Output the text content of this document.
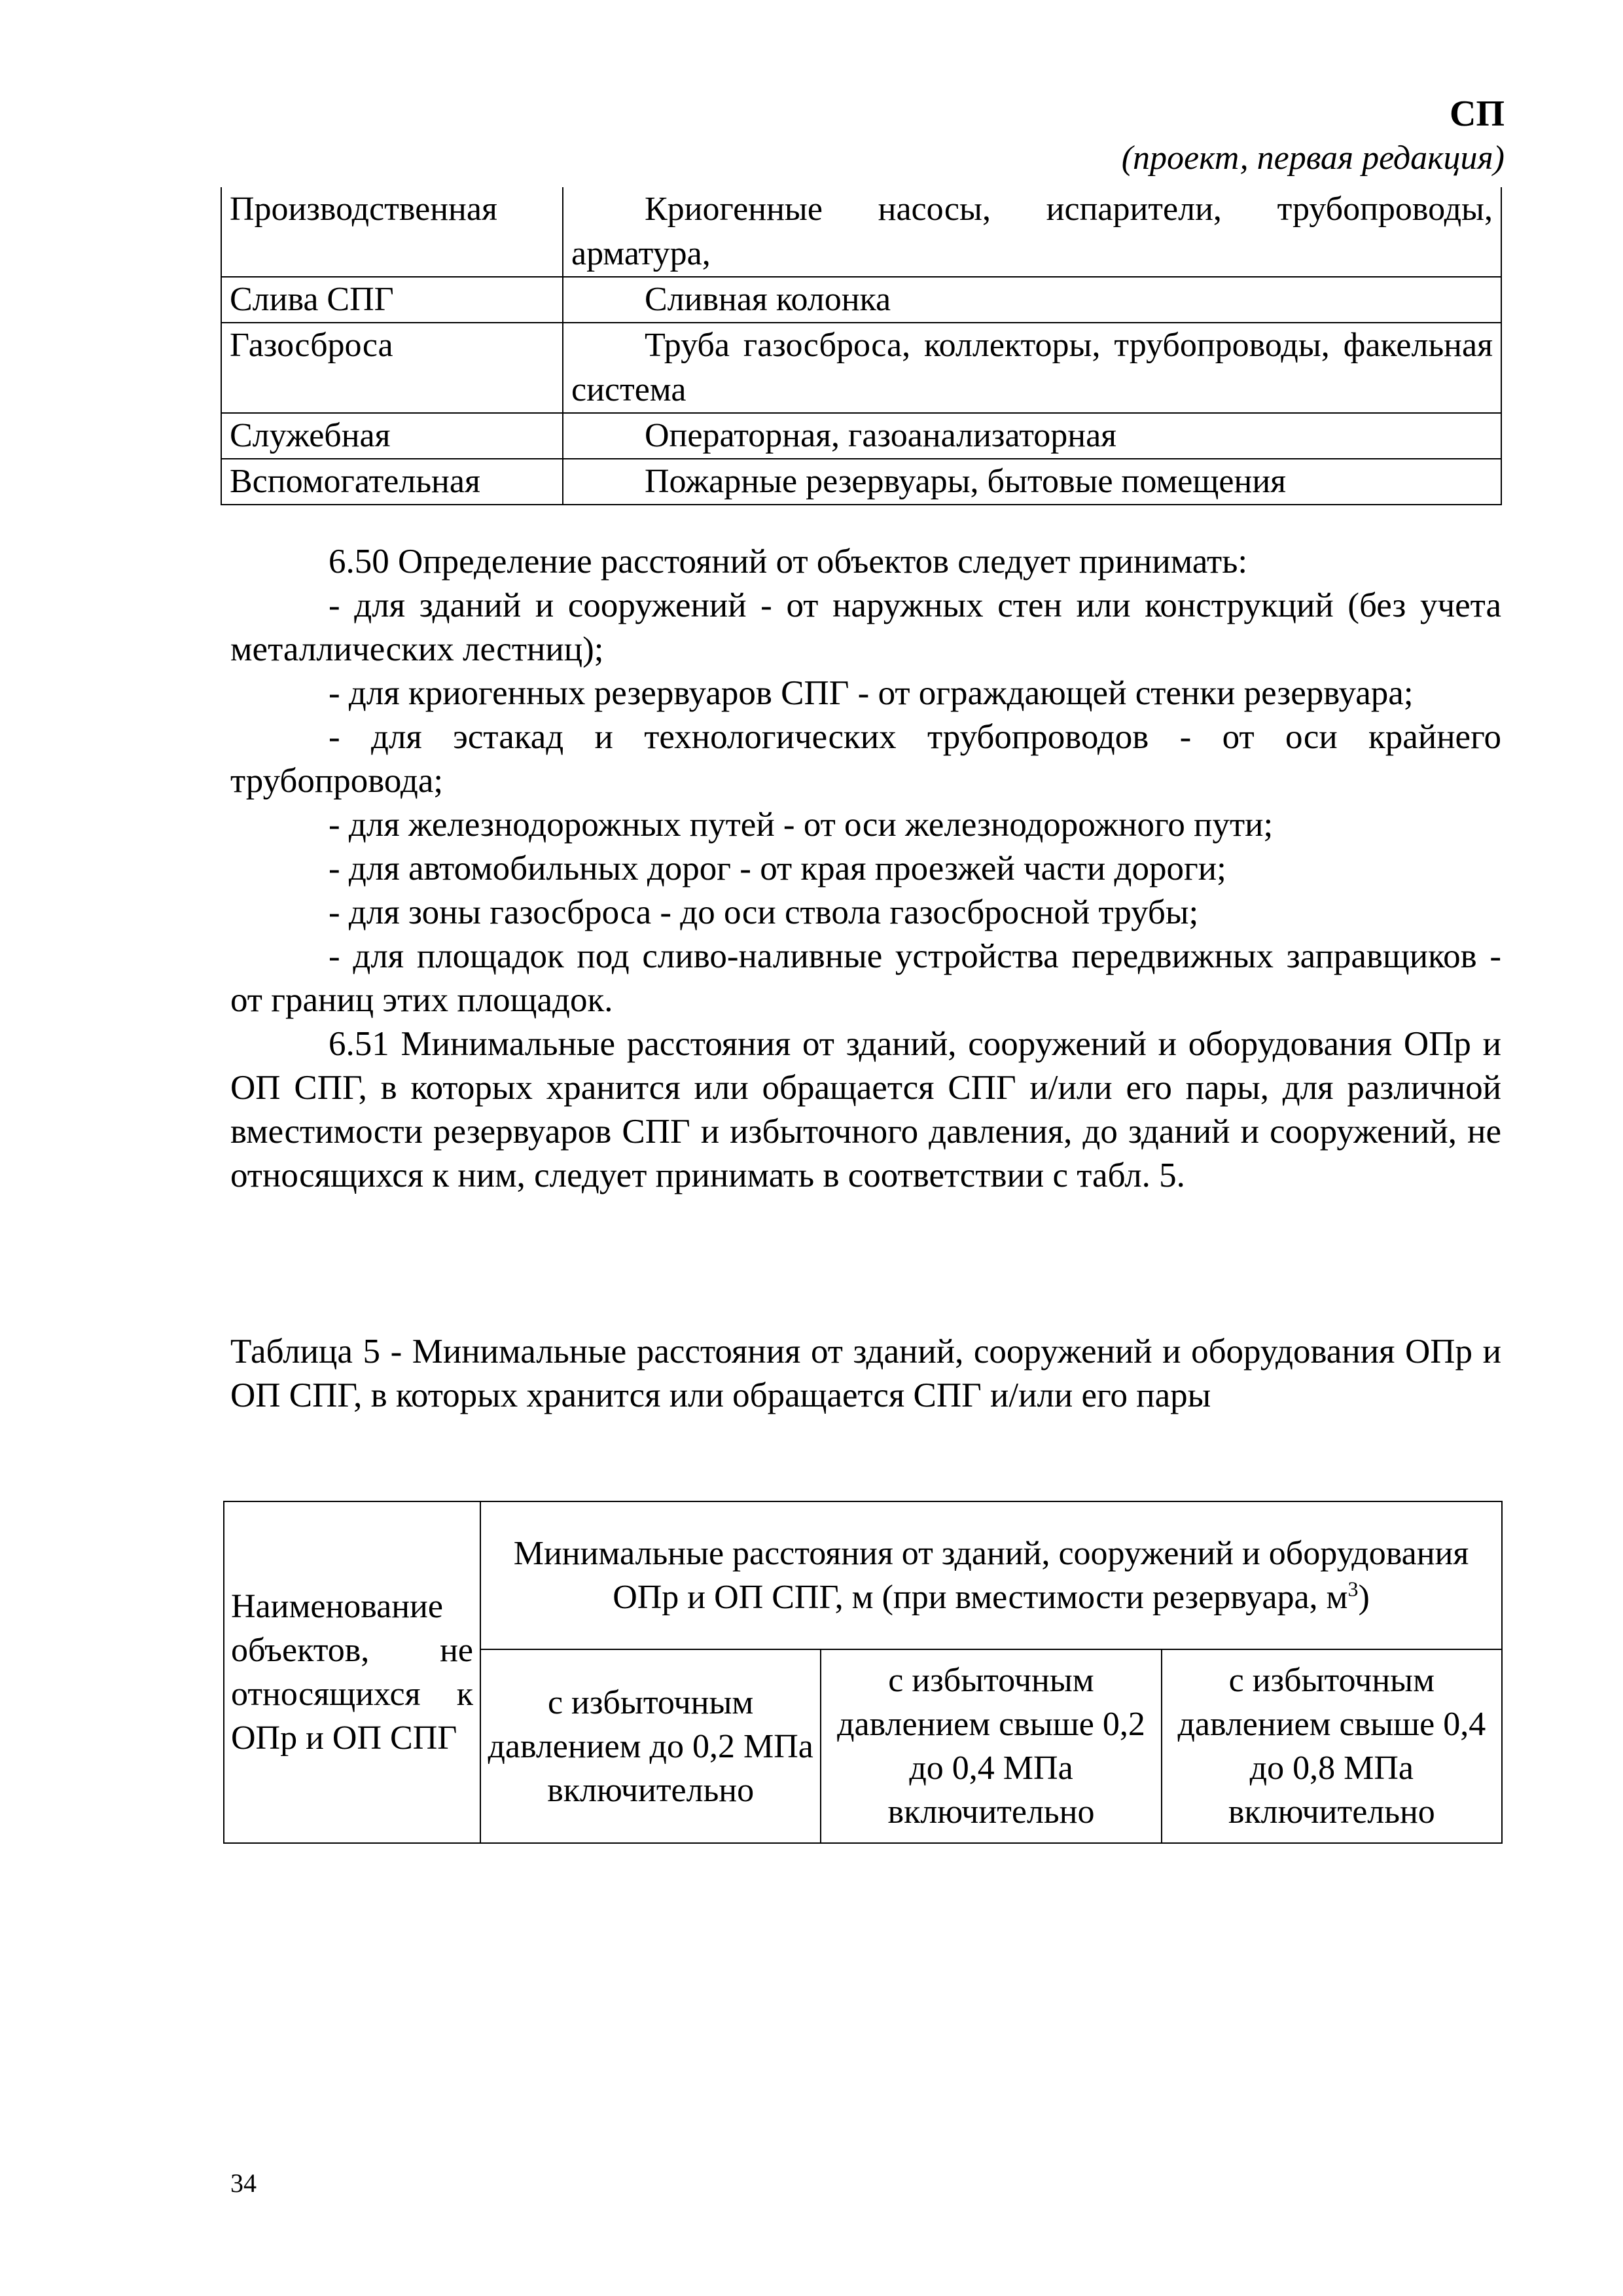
СП
(проект, первая редакция)
Производственная	Криогенные насосы, испарители, трубопроводы, арматура,
Слива СПГ	Сливная колонка
Газосброса	Труба газосброса, коллекторы, трубопроводы, факельная система
Служебная	Операторная, газоанализаторная
Вспомогательная	Пожарные резервуары, бытовые помещения

6.50 Определение расстояний от объектов следует принимать:

- для зданий и сооружений - от наружных стен или конструкций (без учета металлических лестниц);

- для криогенных резервуаров СПГ - от ограждающей стенки резервуара;

- для эстакад и технологических трубопроводов - от оси крайнего трубопровода;

- для железнодорожных путей - от оси железнодорожного пути;

- для автомобильных дорог - от края проезжей части дороги;

- для зоны газосброса - до оси ствола газосбросной трубы;

- для площадок под сливо-наливные устройства передвижных заправщиков - от границ этих площадок.

6.51 Минимальные расстояния от зданий, сооружений и оборудования ОПр и ОП СПГ, в которых хранится или обращается СПГ и/или его пары, для различной вместимости резервуаров СПГ и избыточного давления, до зданий и сооружений, не относящихся к ним, следует принимать в соответствии с табл. 5.

Таблица 5 - Минимальные расстояния от зданий, сооружений и оборудования ОПр и ОП СПГ, в которых хранится или обращается СПГ и/или его пары

Наименование объектов, не относящихся к ОПр и ОП СПГ	Минимальные расстояния от зданий, сооружений и оборудования ОПр и ОП СПГ, м (при вместимости резервуара, $м^3$)		
	с избыточным давлением до 0,2 МПа включительно	с избыточным давлением свыше 0,2 до 0,4 МПа включительно	с избыточным давлением свыше 0,4 до 0,8 МПа включительно
34
